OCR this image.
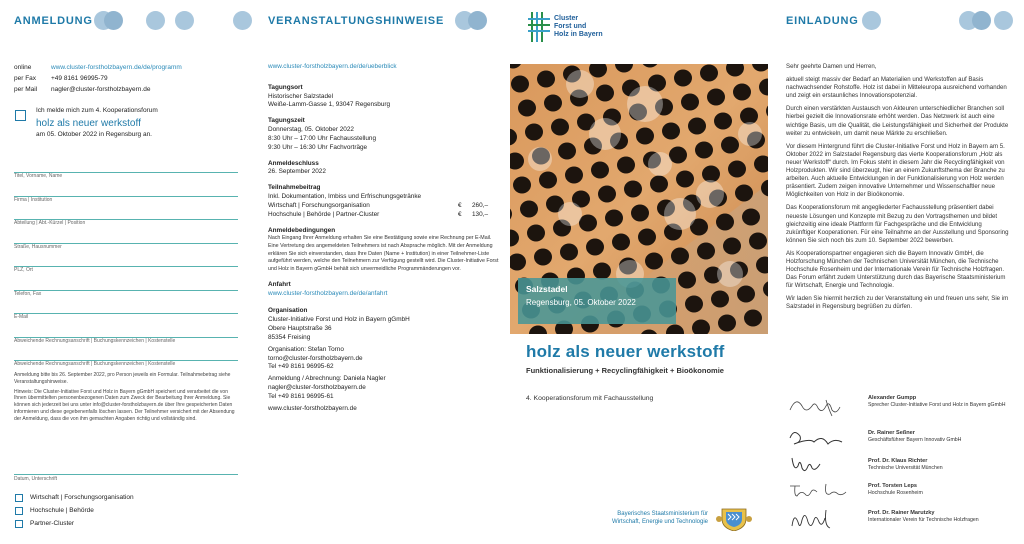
ANMELDUNG
online	www.cluster-forstholzbayern.de/de/programm
per Fax	+49 8161 96995-79
per Mail	nagler@cluster-forstholzbayern.de
Ich melde mich zum 4. Kooperationsforum
holz als neuer werkstoff
am 05. Oktober 2022 in Regensburg an.
Titel, Vorname, Name
Firma | Institution
Abteilung | Abt.-Kürzel | Position
Straße, Hausnummer
PLZ, Ort
Telefon, Fax
E-Mail
Abweichende Rechnungsanschrift | Buchungskennzeichen | Kostenstelle
Abweichende Rechnungsanschrift | Buchungskennzeichen | Kostenstelle
Anmeldung bitte bis 26. September 2022, pro Person jeweils ein Formular. Teilnahmebetrag siehe Veranstaltungshinweise.
Hinweis: Die Cluster-Initiative Forst und Holz in Bayern gGmbH speichert und verarbeitet die von Ihnen übermittelten personenbezogenen Daten zum Zweck der Bearbeitung Ihrer Anmeldung. Sie können sich jederzeit bei uns unter info@cluster-forstholzbayern.de über Ihre gespeicherten Daten informieren und diese gegebenenfalls löschen lassen. Der Teilnehmer versichert mit der Absendung der Anmeldung, dass die von ihm gemachten Angaben richtig und vollständig sind.
Datum, Unterschrift
Wirtschaft | Forschungsorganisation
Hochschule | Behörde
Partner-Cluster
VERANSTALTUNGSHINWEISE
www.cluster-forstholzbayern.de/de/ueberblick
Tagungsort
Historischer Salzstadel
Weiße-Lamm-Gasse 1, 93047 Regensburg
Tagungszeit
Donnerstag, 05. Oktober 2022
8:30 Uhr – 17:00 Uhr Fachausstellung
9:30 Uhr – 16:30 Uhr Fachvorträge
Anmeldeschluss
26. September 2022
Teilnahmebeitrag
Inkl. Dokumentation, Imbiss und Erfrischungsgetränke
Wirtschaft | Forschungsorganisation	€	260,–
Hochschule | Behörde | Partner-Cluster	€	130,–
Anmeldebedingungen
Nach Eingang Ihrer Anmeldung erhalten Sie eine Bestätigung sowie eine Rechnung per E-Mail. Eine Vertretung des angemeldeten Teilnehmers ist nach Absprache möglich. Mit der Anmeldung erklären Sie sich einverstanden, dass Ihre Daten (Name + Institution) in einer Teilnehmer-Liste aufgeführt werden, welche den Teilnehmern zur Verfügung gestellt wird. Die Cluster-Initiative Forst und Holz in Bayern gGmbH behält sich unvermeidliche Programmänderungen vor.
Anfahrt
www.cluster-forstholzbayern.de/de/anfahrt
Organisation
Cluster-Initiative Forst und Holz in Bayern gGmbH
Obere Hauptstraße 36
85354 Freising
Organisation: Stefan Torno
torno@cluster-forstholzbayern.de
Tel +49 8161 96995-62
Anmeldung / Abrechnung: Daniela Nagler
nagler@cluster-forstholzbayern.de
Tel +49 8161 96995-61
www.cluster-forstholzbayern.de
Cluster
Forst und
Holz in Bayern
Salzstadel
Regensburg, 05. Oktober 2022
holz als neuer werkstoff
Funktionalisierung + Recyclingfähigkeit + Bioökonomie
4. Kooperationsforum mit Fachausstellung
Bayerisches Staatsministerium für
Wirtschaft, Energie und Technologie
EINLADUNG

Sehr geehrte Damen und Herren,

aktuell steigt massiv der Bedarf an Materialien und Werkstoffen auf Basis nachwachsender Rohstoffe. Holz ist dabei in Mitteleuropa ausreichend vorhanden und zeigt ein erstaunliches Innovationspotenzial.

Durch einen verstärkten Austausch von Akteuren unterschiedlicher Branchen soll hierbei gezielt die Innovationsrate erhöht werden. Das Netzwerk ist auch eine wichtige Basis, um die Qualität, die Leistungsfähigkeit und Sicherheit der Produkte weiter zu entwickeln, um damit neue Märkte zu erschließen.

Vor diesem Hintergrund führt die Cluster-Initiative Forst und Holz in Bayern am 5. Oktober 2022 im Salzstadel Regensburg das vierte Kooperationsforum „Holz als neuer Werkstoff“ durch. Im Fokus steht in diesem Jahr die Recyclingfähigkeit von Holzprodukten. Wir sind überzeugt, hier an einem Zukunftsthema der Branche zu arbeiten. Auch aktuelle Entwicklungen in der Funktionalisierung von Holz werden präsentiert. Zudem zeigen innovative Unternehmer und Wissenschaftler neue Möglichkeiten von Holz in der Bioökonomie.

Das Kooperationsforum mit angegliederter Fachausstellung präsentiert dabei neueste Lösungen und Konzepte mit Bezug zu den Vortragsthemen und bildet gleichzeitig eine ideale Plattform für Fachgespräche und die Entwicklung zukünftiger Kooperationen. Für eine Teilnahme an der Ausstellung und Sponsoring können Sie sich noch bis zum 10. September 2022 bewerben.

Als Kooperationspartner engagieren sich die Bayern Innovativ GmbH, die Holzforschung München der Technischen Universität München, die Technische Hochschule Rosenheim und der Internationale Verein für Technische Holzfragen. Das Forum erfährt zudem Unterstützung durch das Bayerische Staatsministerium für Wirtschaft, Energie und Technologie.

Wir laden Sie hiermit herzlich zu der Veranstaltung ein und freuen uns sehr, Sie im Salzstadel in Regensburg begrüßen zu dürfen.

Alexander Gumpp
Sprecher Cluster-Initiative Forst und Holz in Bayern gGmbH
Dr. Rainer Seßner
Geschäftsführer Bayern Innovativ GmbH
Prof. Dr. Klaus Richter
Technische Universität München
Prof. Torsten Leps
Hochschule Rosenheim
Prof. Dr. Rainer Marutzky
Internationaler Verein für Technische Holzfragen
